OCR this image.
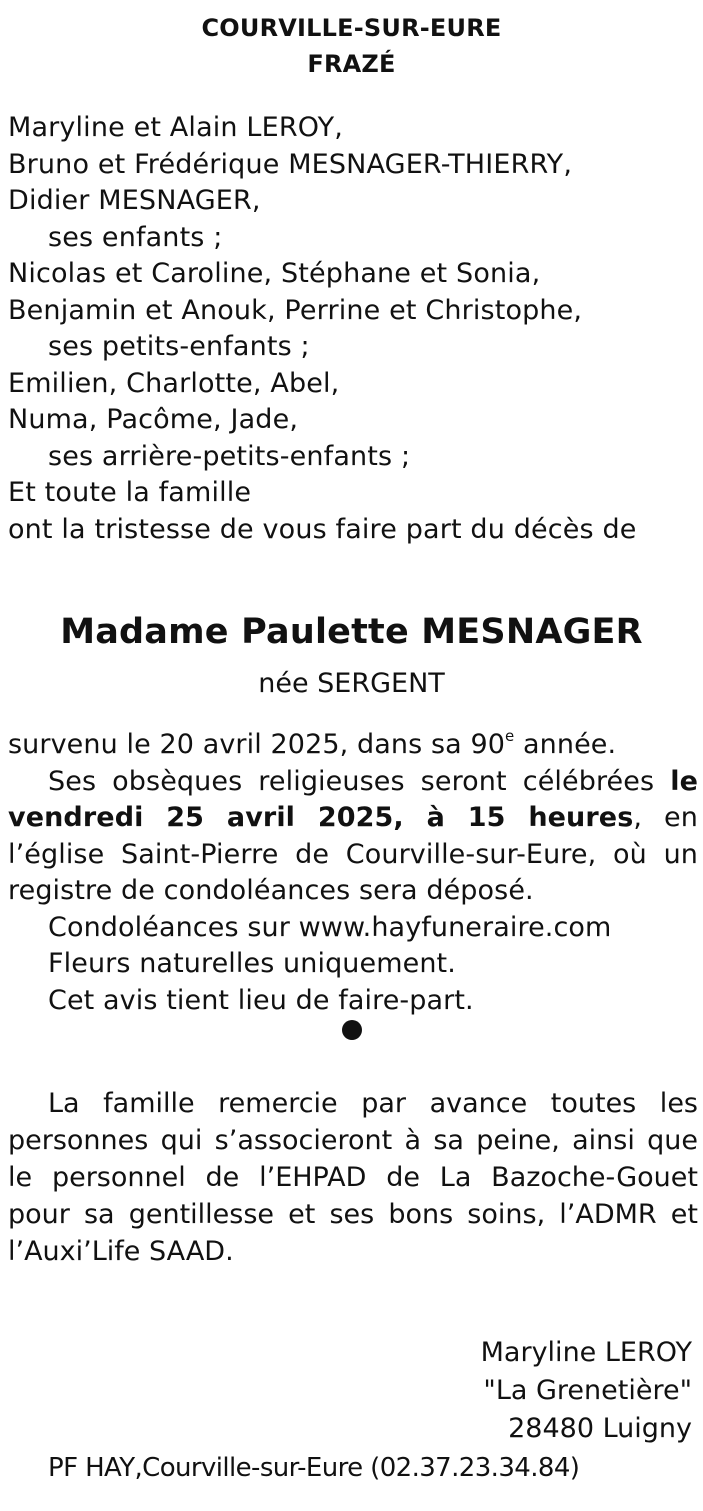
COURVILLE-SUR-EURE
FRAZÉ
Maryline et Alain LEROY,
Bruno et Frédérique MESNAGER-THIERRY,
Didier MESNAGER,
ses enfants ;
Nicolas et Caroline, Stéphane et Sonia,
Benjamin et Anouk, Perrine et Christophe,
ses petits-enfants ;
Emilien, Charlotte, Abel,
Numa, Pacôme, Jade,
ses arrière-petits-enfants ;
Et toute la famille
ont la tristesse de vous faire part du décès de
Madame Paulette MESNAGER
née SERGENT

survenu le 20 avril 2025, dans sa 90e année.

Ses obsèques religieuses seront célébrées le vendredi 25 avril 2025, à 15 heures, en l’église Saint-Pierre de Courville-sur-Eure, où un registre de condoléances sera déposé.

Condoléances sur www.hayfuneraire.com
Fleurs naturelles uniquement.
Cet avis tient lieu de faire-part.

La famille remercie par avance toutes les personnes qui s’associeront à sa peine, ainsi que le personnel de l’EHPAD de La Bazoche-Gouet pour sa gentillesse et ses bons soins, l’ADMR et l’Auxi’Life SAAD.

Maryline LEROY
"La Grenetière"
28480 Luigny
PF HAY,Courville-sur-Eure (02.37.23.34.84)
